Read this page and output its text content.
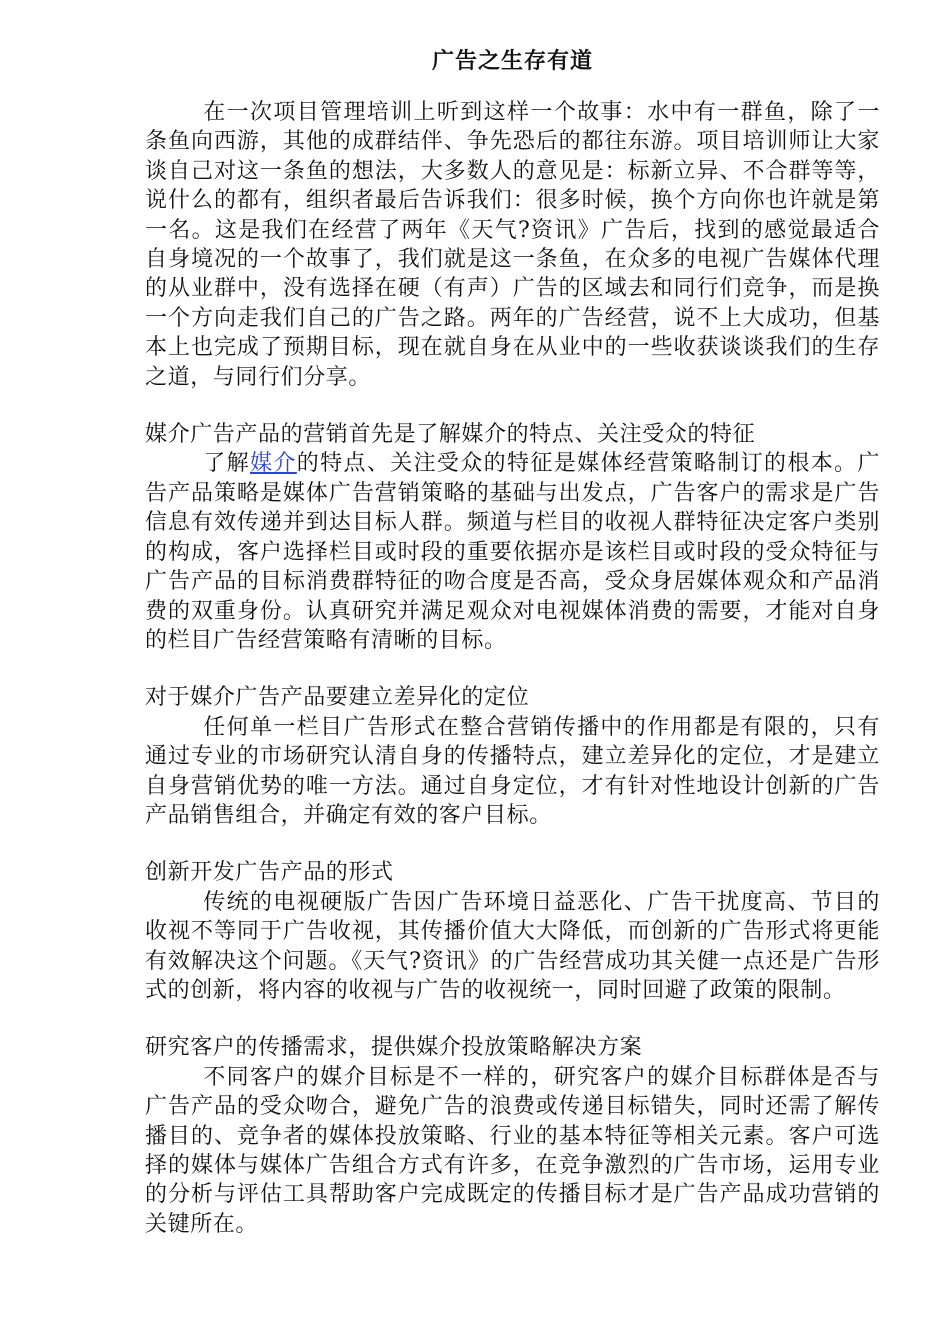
广告之生存有道

在一次项目管理培训上听到这样一个故事：水中有一群鱼，除了一条鱼向西游，其他的成群结伴、争先恐后的都往东游。项目培训师让大家谈自己对这一条鱼的想法，大多数人的意见是：标新立异、不合群等等，说什么的都有，组织者最后告诉我们：很多时候，换个方向你也许就是第一名。这是我们在经营了两年《天气?资讯》广告后，找到的感觉最适合自身境况的一个故事了，我们就是这一条鱼，在众多的电视广告媒体代理的从业群中，没有选择在硬（有声）广告的区域去和同行们竞争，而是换一个方向走我们自己的广告之路。两年的广告经营，说不上大成功，但基本上也完成了预期目标，现在就自身在从业中的一些收获谈谈我们的生存之道，与同行们分享。

媒介广告产品的营销首先是了解媒介的特点、关注受众的特征

了解媒介的特点、关注受众的特征是媒体经营策略制订的根本。广告产品策略是媒体广告营销策略的基础与出发点，广告客户的需求是广告信息有效传递并到达目标人群。频道与栏目的收视人群特征决定客户类别的构成，客户选择栏目或时段的重要依据亦是该栏目或时段的受众特征与广告产品的目标消费群特征的吻合度是否高，受众身居媒体观众和产品消费的双重身份。认真研究并满足观众对电视媒体消费的需要，才能对自身的栏目广告经营策略有清晰的目标。

对于媒介广告产品要建立差异化的定位

任何单一栏目广告形式在整合营销传播中的作用都是有限的，只有通过专业的市场研究认清自身的传播特点，建立差异化的定位，才是建立自身营销优势的唯一方法。通过自身定位，才有针对性地设计创新的广告产品销售组合，并确定有效的客户目标。

创新开发广告产品的形式

传统的电视硬版广告因广告环境日益恶化、广告干扰度高、节目的收视不等同于广告收视，其传播价值大大降低，而创新的广告形式将更能有效解决这个问题。《天气?资讯》的广告经营成功其关健一点还是广告形式的创新，将内容的收视与广告的收视统一，同时回避了政策的限制。

研究客户的传播需求，提供媒介投放策略解决方案

不同客户的媒介目标是不一样的，研究客户的媒介目标群体是否与广告产品的受众吻合，避免广告的浪费或传递目标错失，同时还需了解传播目的、竞争者的媒体投放策略、行业的基本特征等相关元素。客户可选择的媒体与媒体广告组合方式有许多，在竞争激烈的广告市场，运用专业的分析与评估工具帮助客户完成既定的传播目标才是广告产品成功营销的关键所在。
